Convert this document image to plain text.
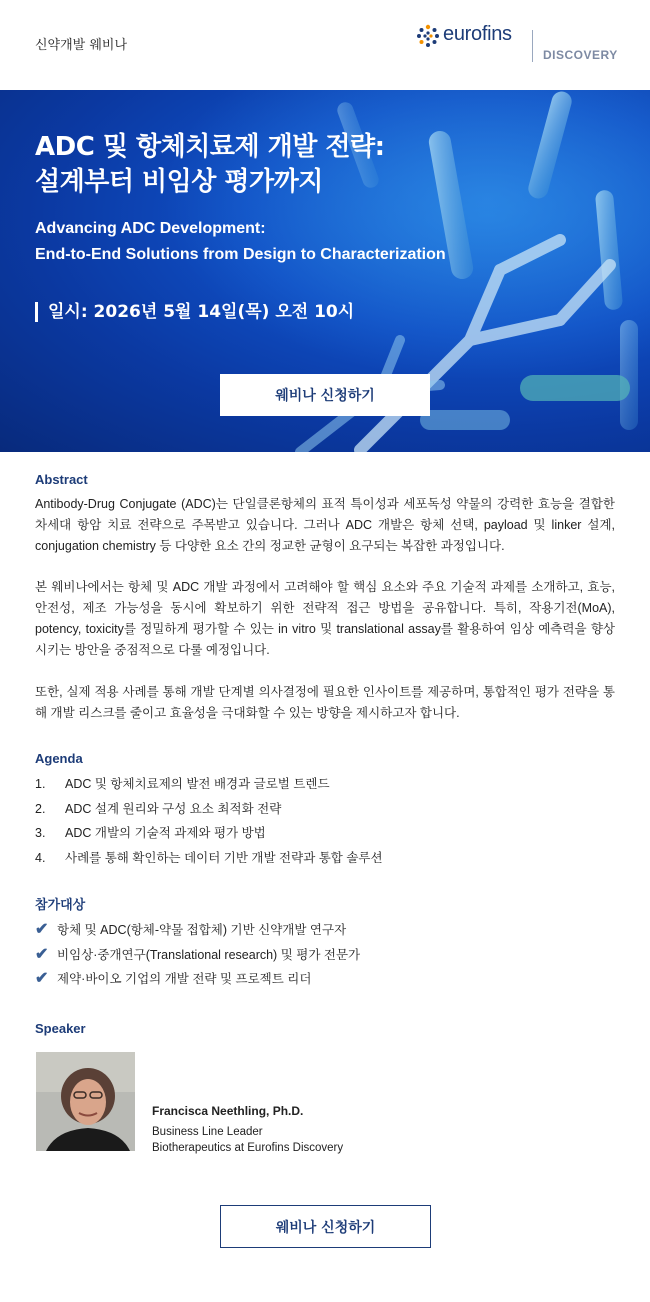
신약개발 웨비나
eurofins
DISCOVERY
ADC 및 항체치료제 개발 전략:
설계부터 비임상 평가까지
Advancing ADC Development:
End-to-End Solutions from Design to Characterization
일시: 2026년 5월 14일(목) 오전 10시
웨비나 신청하기
Abstract

Antibody-Drug Conjugate (ADC)는 단일클론항체의 표적 특이성과 세포독성 약물의 강력한 효능을 결합한 차세대 항암 치료 전략으로 주목받고 있습니다. 그러나 ADC 개발은 항체 선택, payload 및 linker 설계, conjugation chemistry 등 다양한 요소 간의 정교한 균형이 요구되는 복잡한 과정입니다.

본 웨비나에서는 항체 및 ADC 개발 과정에서 고려해야 할 핵심 요소와 주요 기술적 과제를 소개하고, 효능, 안전성, 제조 가능성을 동시에 확보하기 위한 전략적 접근 방법을 공유합니다. 특히, 작용기전(MoA), potency, toxicity를 정밀하게 평가할 수 있는 in vitro 및 translational assay를 활용하여 임상 예측력을 향상시키는 방안을 중점적으로 다룰 예정입니다.

또한, 실제 적용 사례를 통해 개발 단계별 의사결정에 필요한 인사이트를 제공하며, 통합적인 평가 전략을 통해 개발 리스크를 줄이고 효율성을 극대화할 수 있는 방향을 제시하고자 합니다.

Agenda
1.	ADC 및 항체치료제의 발전 배경과 글로벌 트렌드
2.	ADC 설계 원리와 구성 요소 최적화 전략
3.	ADC 개발의 기술적 과제와 평가 방법
4.	사례를 통해 확인하는 데이터 기반 개발 전략과 통합 솔루션
참가대상
✔ 항체 및 ADC(항체-약물 접합체) 기반 신약개발 연구자
✔ 비임상·중개연구(Translational research) 및 평가 전문가
✔ 제약·바이오 기업의 개발 전략 및 프로젝트 리더
Speaker
Francisca Neethling, Ph.D.
Business Line Leader
Biotherapeutics at Eurofins Discovery
웨비나 신청하기
